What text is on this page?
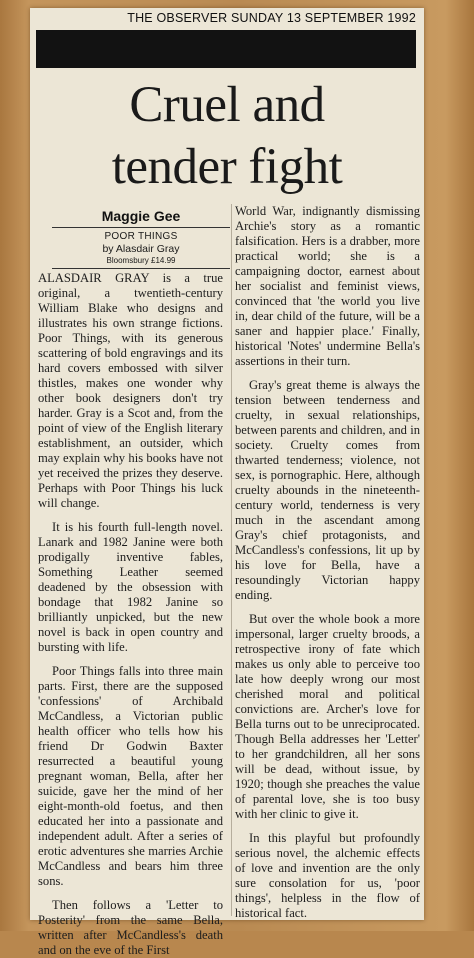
THE OBSERVER SUNDAY 13 SEPTEMBER 1992
Cruel and
tender fight
Maggie Gee
POOR THINGS
by Alasdair Gray
Bloomsbury £14.99

ALASDAIR GRAY is a true original, a twentieth-century William Blake who designs and illustrates his own strange fictions. Poor Things, with its generous scattering of bold engravings and its hard covers embossed with silver thistles, makes one wonder why other book designers don't try harder. Gray is a Scot and, from the point of view of the English literary establishment, an outsider, which may explain why his books have not yet received the prizes they deserve. Perhaps with Poor Things his luck will change.

It is his fourth full-length novel. Lanark and 1982 Janine were both prodigally inventive fables, Something Leather seemed deadened by the obsession with bondage that 1982 Janine so brilliantly unpicked, but the new novel is back in open country and bursting with life.

Poor Things falls into three main parts. First, there are the supposed 'confessions' of Archibald McCandless, a Victorian public health officer who tells how his friend Dr Godwin Baxter resurrected a beautiful young pregnant woman, Bella, after her suicide, gave her the mind of her eight-month-old foetus, and then educated her into a passionate and independent adult. After a series of erotic adventures she marries Archie McCandless and bears him three sons.

Then follows a 'Letter to Posterity' from the same Bella, written after McCandless's death and on the eve of the First

World War, indignantly dismissing Archie's story as a romantic falsification. Hers is a drabber, more practical world; she is a campaigning doctor, earnest about her socialist and feminist views, convinced that 'the world you live in, dear child of the future, will be a saner and happier place.' Finally, historical 'Notes' undermine Bella's assertions in their turn.

Gray's great theme is always the tension between tenderness and cruelty, in sexual relationships, between parents and children, and in society. Cruelty comes from thwarted tenderness; violence, not sex, is pornographic. Here, although cruelty abounds in the nineteenth-century world, tenderness is very much in the ascendant among Gray's chief protagonists, and McCandless's confessions, lit up by his love for Bella, have a resoundingly Victorian happy ending.

But over the whole book a more impersonal, larger cruelty broods, a retrospective irony of fate which makes us only able to perceive too late how deeply wrong our most cherished moral and political convictions are. Archer's love for Bella turns out to be unreciprocated. Though Bella addresses her 'Letter' to her grandchildren, all her sons will be dead, without issue, by 1920; though she preaches the value of parental love, she is too busy with her clinic to give it.

In this playful but profoundly serious novel, the alchemic effects of love and invention are the only sure consolation for us, 'poor things', helpless in the flow of historical fact.
